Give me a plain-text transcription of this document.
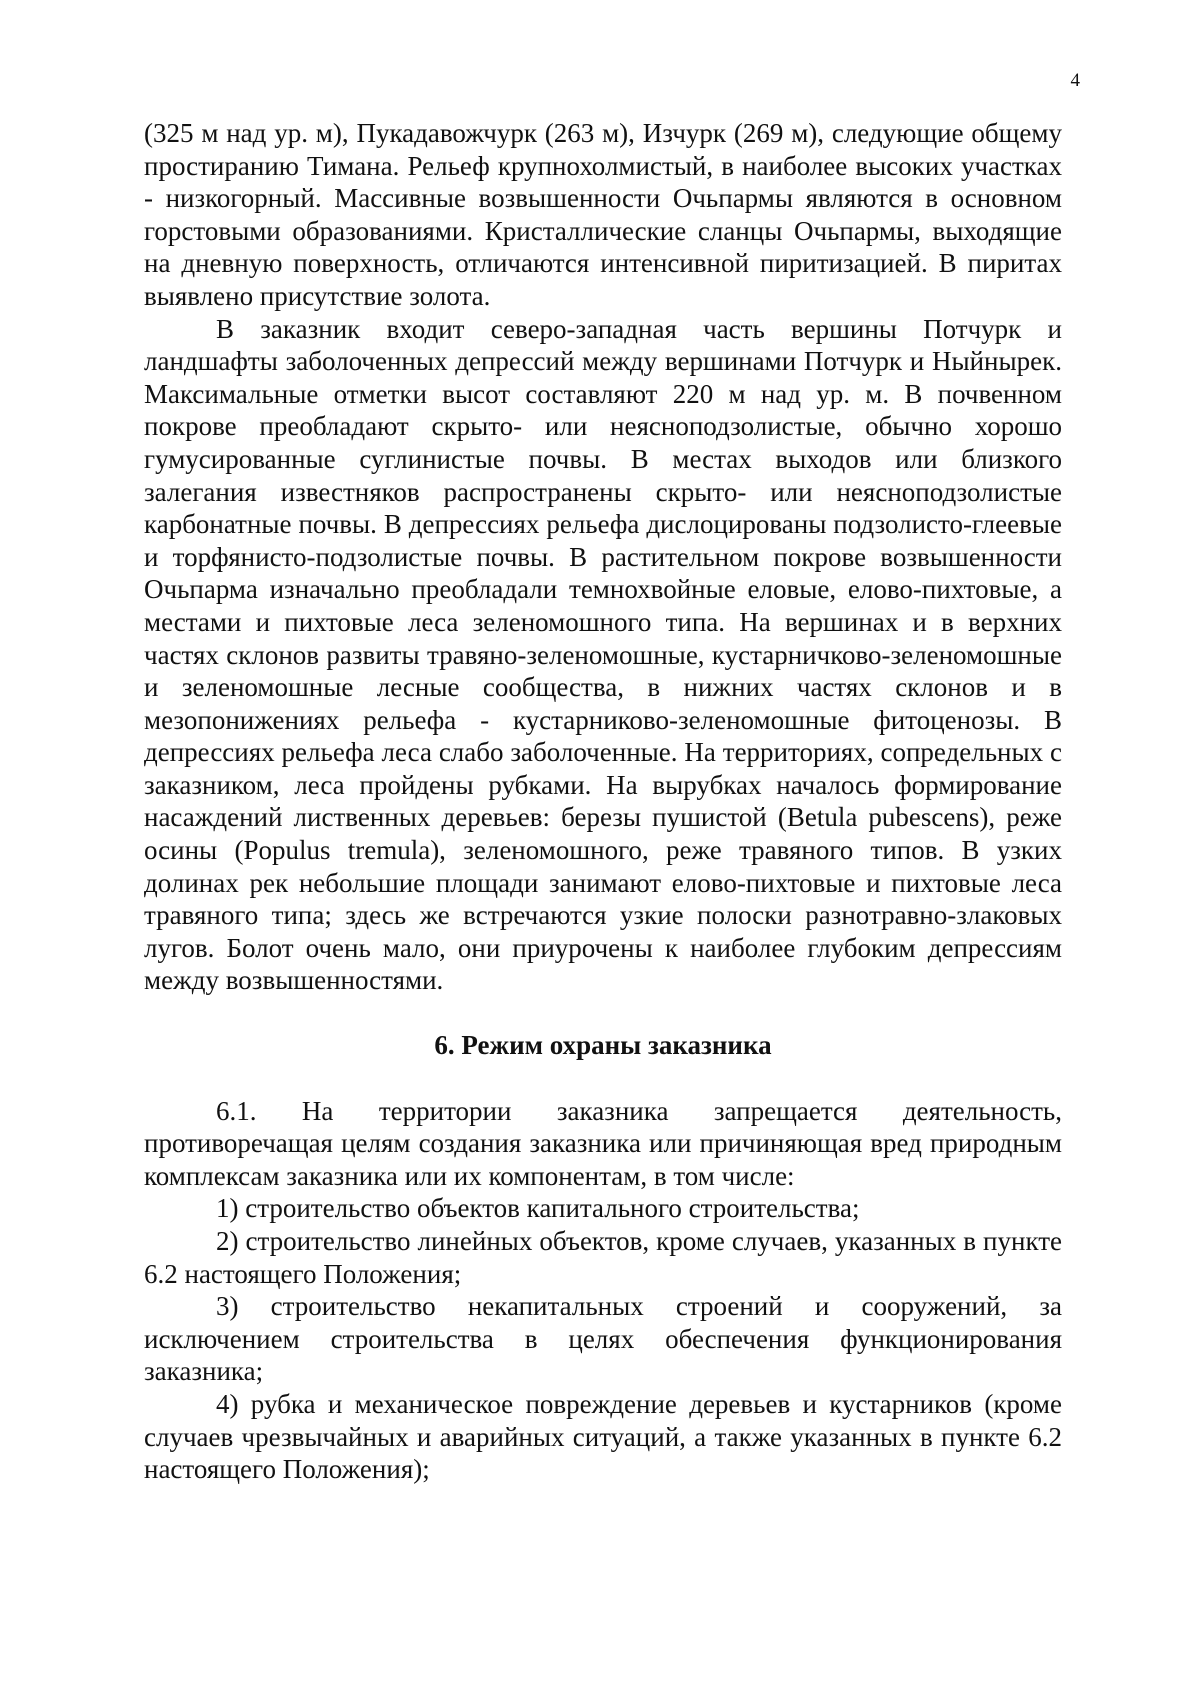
4

(325 м над ур. м), Пукадавожчурк (263 м), Изчурк (269 м), следующие общему простиранию Тимана. Рельеф крупнохолмистый, в наиболее высоких участках - низкогорный. Массивные возвышенности Очьпармы являются в основном горстовыми образованиями. Кристаллические сланцы Очьпармы, выходящие на дневную поверхность, отличаются интенсивной пиритизацией. В пиритах выявлено присутствие золота.

В заказник входит северо-западная часть вершины Потчурк и ландшафты заболоченных депрессий между вершинами Потчурк и Ныйнырек. Максимальные отметки высот составляют 220 м над ур. м. В почвенном покрове преобладают скрыто- или неясноподзолистые, обычно хорошо гумусированные суглинистые почвы. В местах выходов или близкого залегания известняков распространены скрыто- или неясноподзолистые карбонатные почвы. В депрессиях рельефа дислоцированы подзолисто-глеевые и торфянисто-подзолистые почвы. В растительном покрове возвышенности Очьпарма изначально преобладали темнохвойные еловые, елово-пихтовые, а местами и пихтовые леса зеленомошного типа. На вершинах и в верхних частях склонов развиты травяно-зеленомошные, кустарничково-зеленомошные и зеленомошные лесные сообщества, в нижних частях склонов и в мезопонижениях рельефа - кустарниково-зеленомошные фитоценозы. В депрессиях рельефа леса слабо заболоченные. На территориях, сопредельных с заказником, леса пройдены рубками. На вырубках началось формирование насаждений лиственных деревьев: березы пушистой (Betula pubescens), реже осины (Populus tremula), зеленомошного, реже травяного типов. В узких долинах рек небольшие площади занимают елово-пихтовые и пихтовые леса травяного типа; здесь же встречаются узкие полоски разнотравно-злаковых лугов. Болот очень мало, они приурочены к наиболее глубоким депрессиям между возвышенностями.

6. Режим охраны заказника

6.1. На территории заказника запрещается деятельность, противоречащая целям создания заказника или причиняющая вред природным комплексам заказника или их компонентам, в том числе:

1) строительство объектов капитального строительства;

2) строительство линейных объектов, кроме случаев, указанных в пункте 6.2 настоящего Положения;

3) строительство некапитальных строений и сооружений, за исключением строительства в целях обеспечения функционирования заказника;

4) рубка и механическое повреждение деревьев и кустарников (кроме случаев чрезвычайных и аварийных ситуаций, а также указанных в пункте 6.2 настоящего Положения);
